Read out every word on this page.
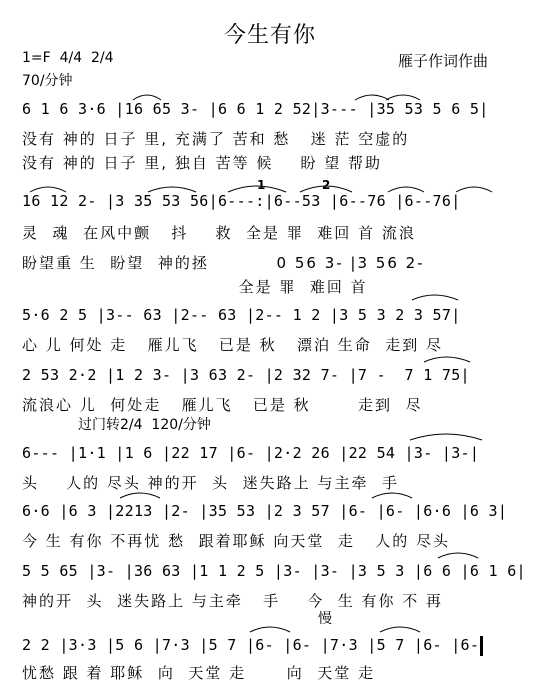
今生有你
1=F  4/4  2/4
70/分钟
雁子作词作曲
6 1 6 3·6 |16 65 3- |6 6 1 2 52|3--- |35 53 5 6 5|
没有 神的 日子 里, 充满了 苦和 愁   迷 茫 空虚的
没有 神的 日子 里, 独自 苦等 候    盼 望 帮助
1	2
16 12 2- |3 35 53 56|6---:|6--53 |6--76 |6--76|
灵  魂  在风中颤   抖    救  全是 罪  难回 首 流浪
盼望重 生  盼望  神的拯          0 56 3- |3 56 2-
全是 罪  难回 首
5·6 2 5 |3-- 63 |2-- 63 |2-- 1 2 |3 5 3 2 3 57|
心 儿 何处 走   雁儿飞   已是 秋   漂泊 生命  走到 尽
2 53 2·2 |1 2 3- |3 63 2- |2 32 7- |7 -  7 1 75|
流浪心 儿  何处走   雁儿飞   已是 秋       走到  尽
过门转2/4  120/分钟
6--- |1·1 |1 6 |22 17 |6- |2·2 26 |22 54 |3- |3-|
头    人的 尽头 神的开  头  迷失路上 与主牵  手
6·6 |6 3 |2213 |2- |35 53 |2 3 57 |6- |6- |6·6 |6 3|
今 生 有你 不再忧 愁  跟着耶稣 向天堂  走   人的 尽头
5 5 65 |3- |36 63 |1 1 2 5 |3- |3- |3 5 3 |6 6 |6 1 6|
神的开  头  迷失路上 与主牵   手    今  生 有你 不 再
慢
2 2 |3·3 |5 6 |7·3 |5 7 |6- |6- |7·3 |5 7 |6- |6-
忧愁 跟 着 耶稣  向  天堂 走      向  天堂 走
